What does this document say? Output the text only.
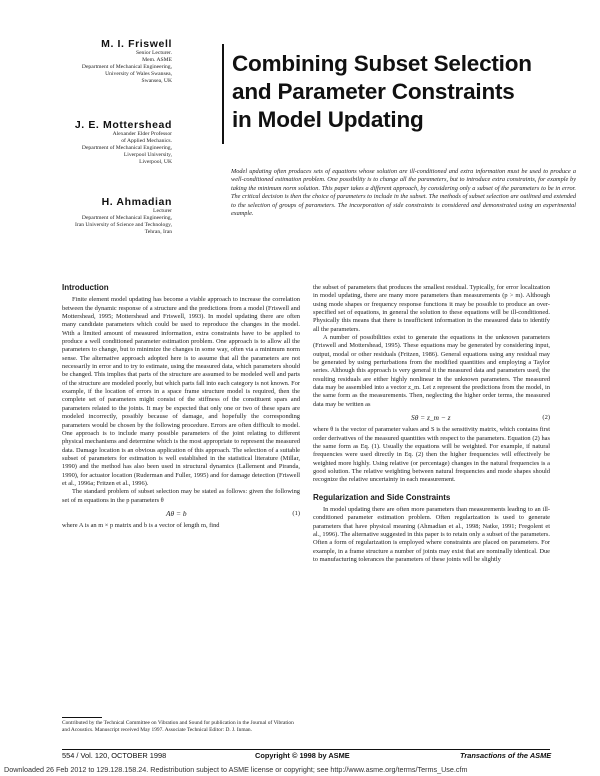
M. I. Friswell
Senior Lecturer.
Mem. ASME
Department of Mechanical Engineering,
University of Wales Swansea,
Swansea, UK
J. E. Mottershead
Alexander Elder Professor
of Applied Mechanics.
Department of Mechanical Engineering,
Liverpool University,
Liverpool, UK
H. Ahmadian
Lecturer
Department of Mechanical Engineering,
Iran University of Science and Technology,
Tehran, Iran
Combining Subset Selection
and Parameter Constraints
in Model Updating
Model updating often produces sets of equations whose solution are ill-conditioned and extra information must be used to produce a well-conditioned estimation problem. One possibility is to change all the parameters, but to introduce extra constraints, for example by taking the minimum norm solution. This paper takes a different approach, by considering only a subset of the parameters to be in error. The critical decision is then the choice of parameters to include in the subset. The methods of subset selection are outlined and extended to the selection of groups of parameters. The incorporation of side constraints is considered and demonstrated using an experimental example.

Introduction

Finite element model updating has become a viable approach to increase the correlation between the dynamic response of a structure and the predictions from a model (Friswell and Mottershead, 1995; Mottershead and Friswell, 1993). In model updating there are often many candidate parameters which could be used to reproduce the changes in the model. With a limited amount of measured information, extra constraints have to be applied to produce a well conditioned parameter estimation problem. One approach is to allow all the parameters to change, but to minimize the changes in some way, often via a minimum norm sense. The alternative approach adopted here is to assume that all the parameters are not necessarily in error and to try to estimate, using the measured data, which parameters should be changed. This implies that parts of the structure are assumed to be modeled well and parts of the structure are modeled poorly, but which parts fall into each category is not known. For example, if the location of errors in a space frame structure model is required, then the complete set of parameters might consist of the stiffness of the constituent spars and parameters related to the joints. It may be expected that only one or two of these spars are modeled incorrectly, possibly because of damage, and hopefully the corresponding parameters would be chosen by the following procedure. Errors are often difficult to model. One approach is to include many possible parameters of the joint relating to different physical mechanisms and determine which is the most appropriate to represent the measured data. Damage location is an obvious application of this approach. The selection of a suitable subset of parameters for estimation is well established in the statistical literature (Millar, 1990) and the method has also been used in structural dynamics (Lallement and Piranda, 1990), for actuator location (Ruderman and Fuller, 1995) and for damage detection (Friswell et al., 1996a; Fritzen et al., 1996).

The standard problem of subset selection may be stated as follows: given the following set of m equations in the p parameters θ

Aθ = b	(1)

where A is an m × p matrix and b is a vector of length m, find

Contributed by the Technical Committee on Vibration and Sound for publication in the Journal of Vibration and Acoustics. Manuscript received May 1997. Associate Technical Editor: D. J. Inman.

the subset of parameters that produces the smallest residual. Typically, for error localization in model updating, there are many more parameters than measurements (p > m). Although using mode shapes or frequency response functions it may be possible to produce an over-specified set of equations, in general the solution to these equations will be ill-conditioned. Physically this means that there is insufficient information in the measured data to identify all the parameters.

A number of possibilities exist to generate the equations in the unknown parameters (Friswell and Mottershead, 1995). These equations may be generated by considering input, output, modal or other residuals (Fritzen, 1986). General equations using any residual may be generated by using perturbations from the modified quantities and employing a Taylor series. Although this approach is very general it the measured data and parameters used, the resulting residuals are either highly nonlinear in the unknown parameters. The measured data may be assembled into a vector z_m. Let z represent the predictions from the model, in the same form as the measurements. Then, neglecting the higher order terms, the measured data may be written as

Sθ = z_m − z	(2)

where θ is the vector of parameter values and S is the sensitivity matrix, which contains first order derivatives of the measured quantities with respect to the parameters. Equation (2) has the same form as Eq. (1). Usually the equations will be weighted. For example, if natural frequencies were used directly in Eq. (2) then the higher frequencies will effectively be weighted more highly. Using relative (or percentage) changes in the natural frequencies is a good solution. The relative weighting between natural frequencies and mode shapes should recognize the relative uncertainty in each measurement.

Regularization and Side Constraints

In model updating there are often more parameters than measurements leading to an ill-conditioned parameter estimation problem. Often regularization is used to generate parameters that have physical meaning (Ahmadian et al., 1998; Natke, 1991; Fregolent et al., 1996). The alternative suggested in this paper is to retain only a subset of the parameters. Often a form of regularization is employed where constraints are placed on parameters. For example, in a frame structure a number of joints may exist that are nominally identical. Due to manufacturing tolerances the parameters of these joints will be slightly

554 / Vol. 120, OCTOBER 1998	Copyright © 1998 by ASME	Transactions of the ASME
Downloaded 26 Feb 2012 to 129.128.158.24. Redistribution subject to ASME license or copyright; see http://www.asme.org/terms/Terms_Use.cfm
